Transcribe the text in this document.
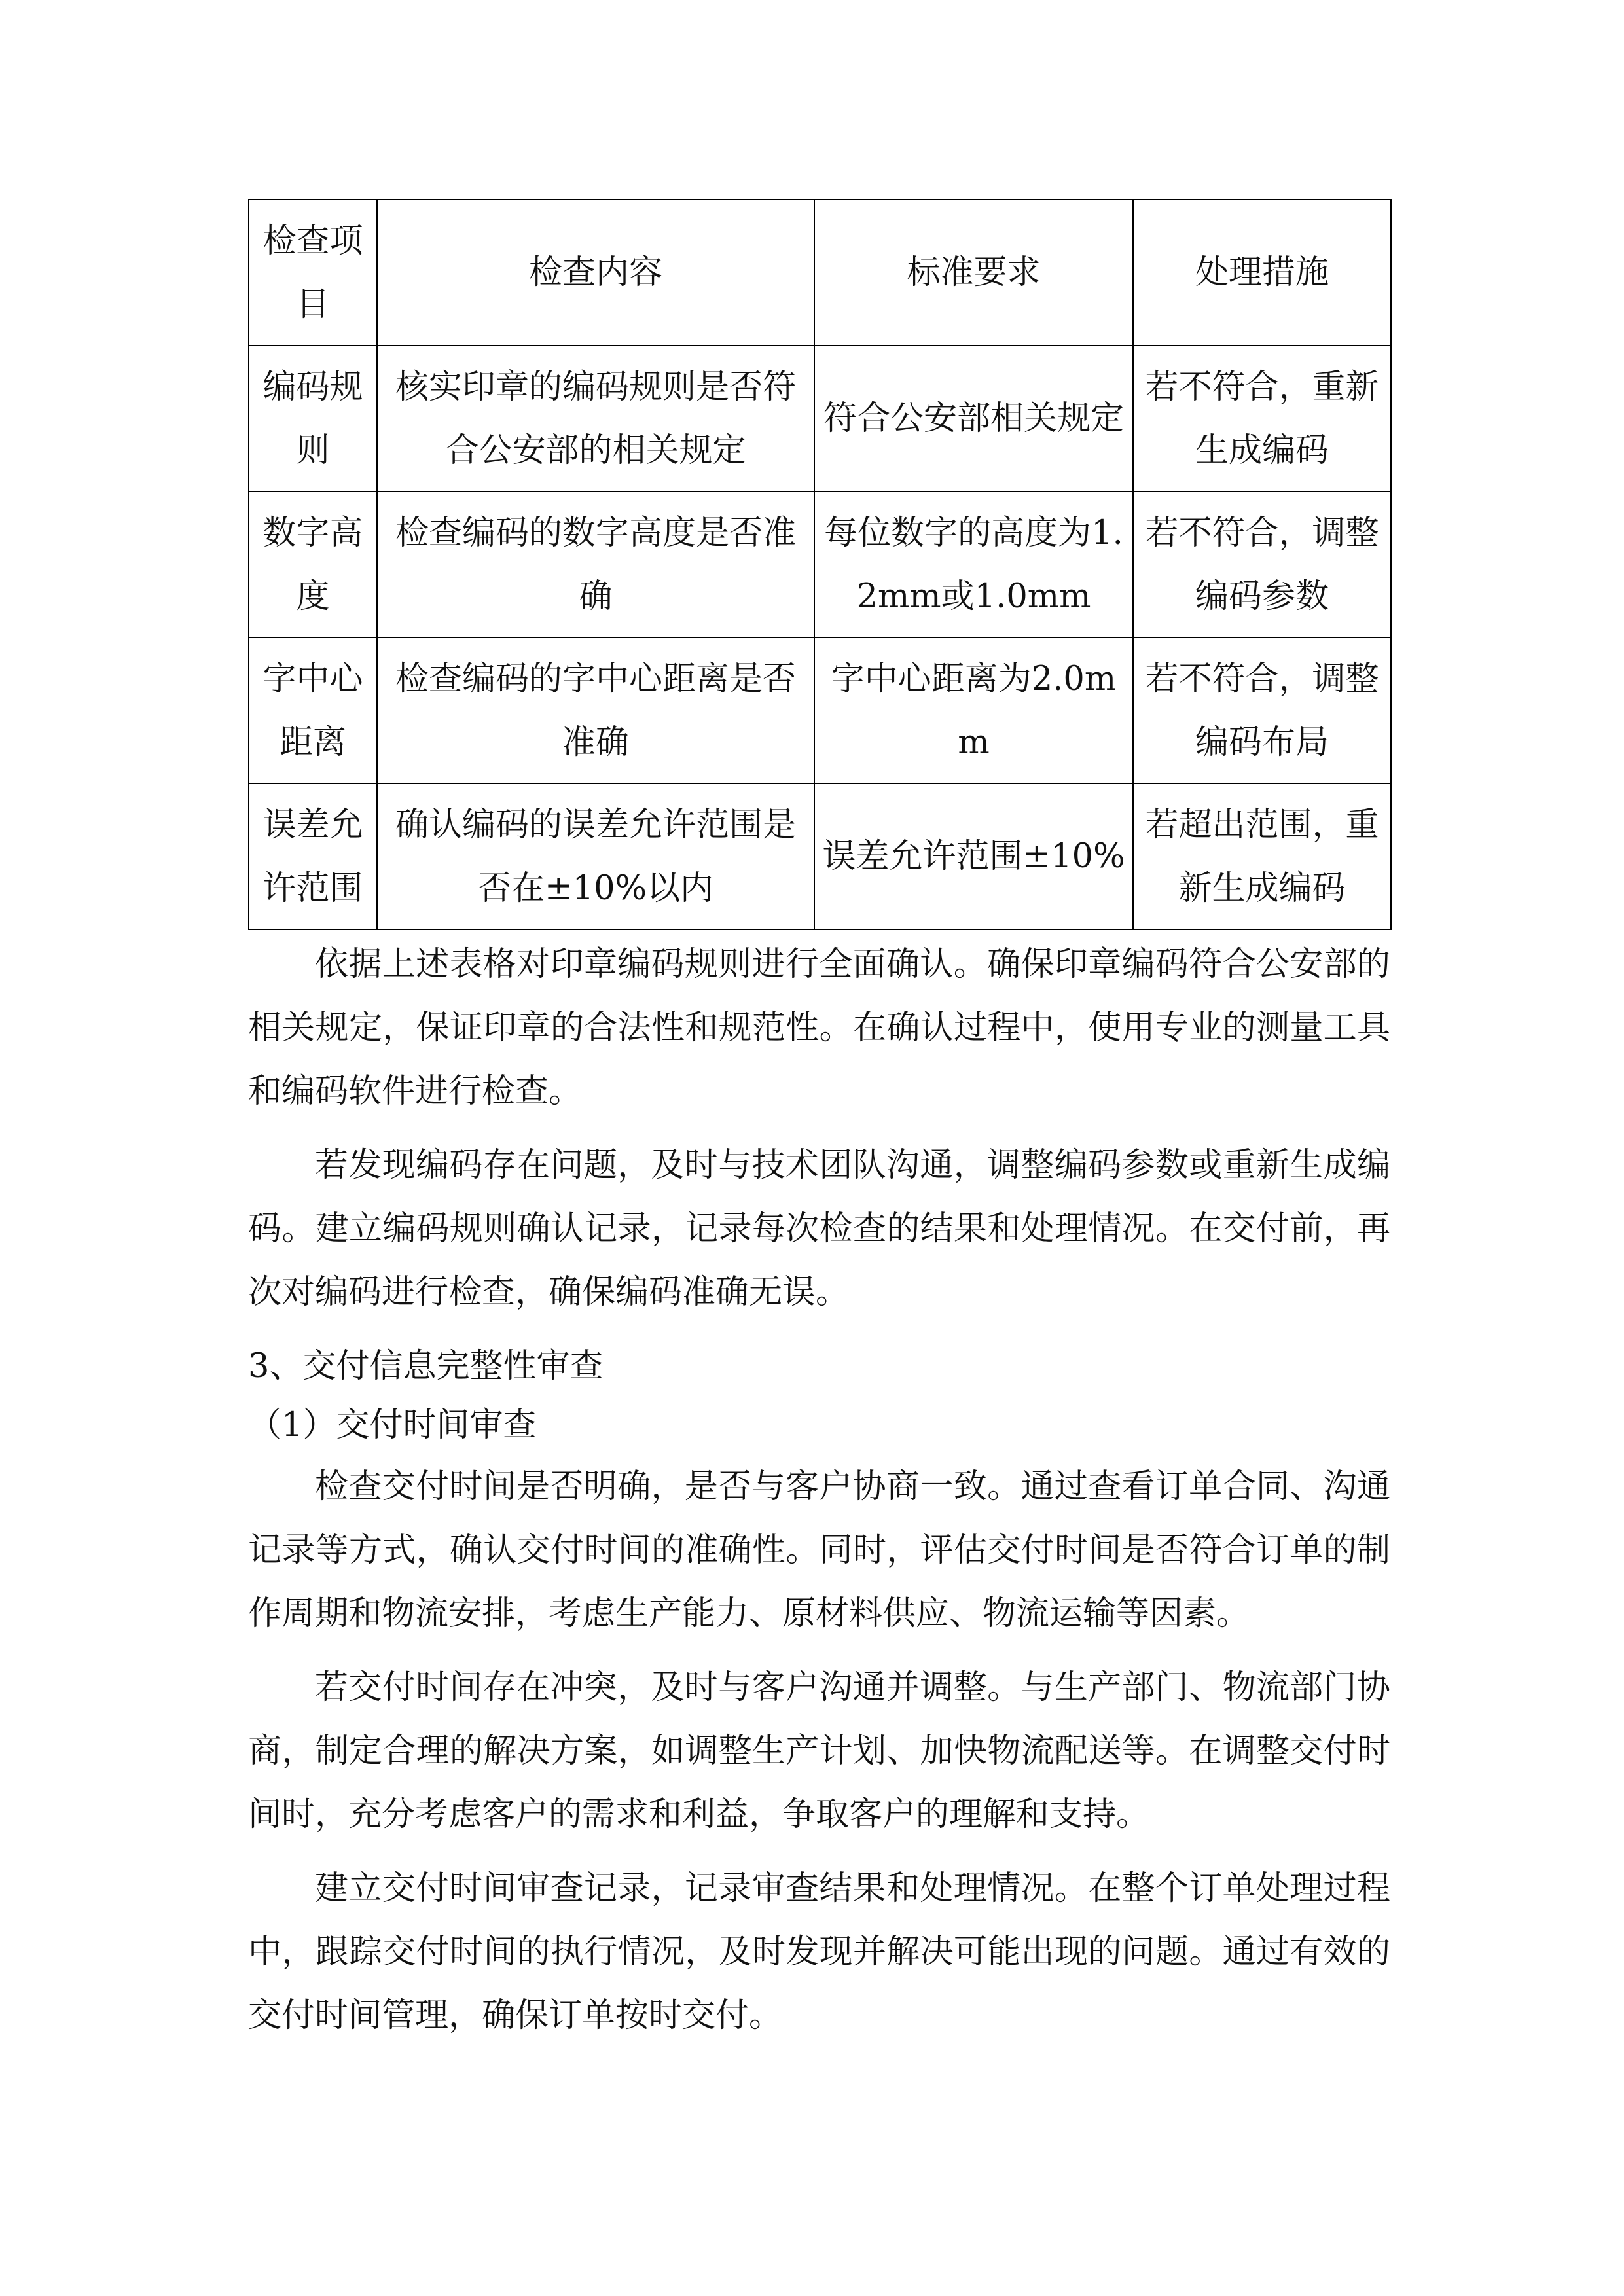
检查项目	检查内容	标准要求	处理措施
编码规则	核实印章的编码规则是否符合公安部的相关规定	符合公安部相关规定	若不符合，重新生成编码
数字高度	检查编码的数字高度是否准确	每位数字的高度为1.2mm或1.0mm	若不符合，调整编码参数
字中心距离	检查编码的字中心距离是否准确	字中心距离为2.0mm	若不符合，调整编码布局
误差允许范围	确认编码的误差允许范围是否在±10%以内	误差允许范围±10%	若超出范围，重新生成编码

依据上述表格对印章编码规则进行全面确认。确保印章编码符合公安部的相关规定，保证印章的合法性和规范性。在确认过程中，使用专业的测量工具和编码软件进行检查。

若发现编码存在问题，及时与技术团队沟通，调整编码参数或重新生成编码。建立编码规则确认记录，记录每次检查的结果和处理情况。在交付前，再次对编码进行检查，确保编码准确无误。

3、交付信息完整性审查

（1）交付时间审查

检查交付时间是否明确，是否与客户协商一致。通过查看订单合同、沟通记录等方式，确认交付时间的准确性。同时，评估交付时间是否符合订单的制作周期和物流安排，考虑生产能力、原材料供应、物流运输等因素。

若交付时间存在冲突，及时与客户沟通并调整。与生产部门、物流部门协商，制定合理的解决方案，如调整生产计划、加快物流配送等。在调整交付时间时，充分考虑客户的需求和利益，争取客户的理解和支持。

建立交付时间审查记录，记录审查结果和处理情况。在整个订单处理过程中，跟踪交付时间的执行情况，及时发现并解决可能出现的问题。通过有效的交付时间管理，确保订单按时交付。
